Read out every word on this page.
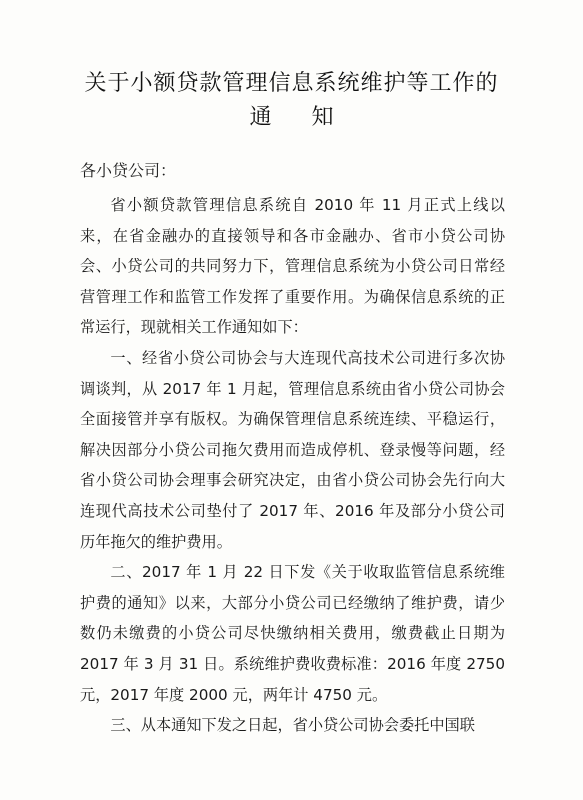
关于小额贷款管理信息系统维护等工作的
通知
各小贷公司：

省小额贷款管理信息系统自 2010 年 11 月正式上线以来，在省金融办的直接领导和各市金融办、省市小贷公司协会、小贷公司的共同努力下，管理信息系统为小贷公司日常经营管理工作和监管工作发挥了重要作用。为确保信息系统的正常运行，现就相关工作通知如下：

一、经省小贷公司协会与大连现代高技术公司进行多次协调谈判，从 2017 年 1 月起，管理信息系统由省小贷公司协会全面接管并享有版权。为确保管理信息系统连续、平稳运行，解决因部分小贷公司拖欠费用而造成停机、登录慢等问题，经省小贷公司协会理事会研究决定，由省小贷公司协会先行向大连现代高技术公司垫付了 2017 年、2016 年及部分小贷公司历年拖欠的维护费用。

二、2017 年 1 月 22 日下发《关于收取监管信息系统维护费的通知》以来，大部分小贷公司已经缴纳了维护费，请少数仍未缴费的小贷公司尽快缴纳相关费用，缴费截止日期为 2017 年 3 月 31 日。系统维护费收费标准：2016 年度 2750 元，2017 年度 2000 元，两年计 4750 元。

三、从本通知下发之日起，省小贷公司协会委托中国联
